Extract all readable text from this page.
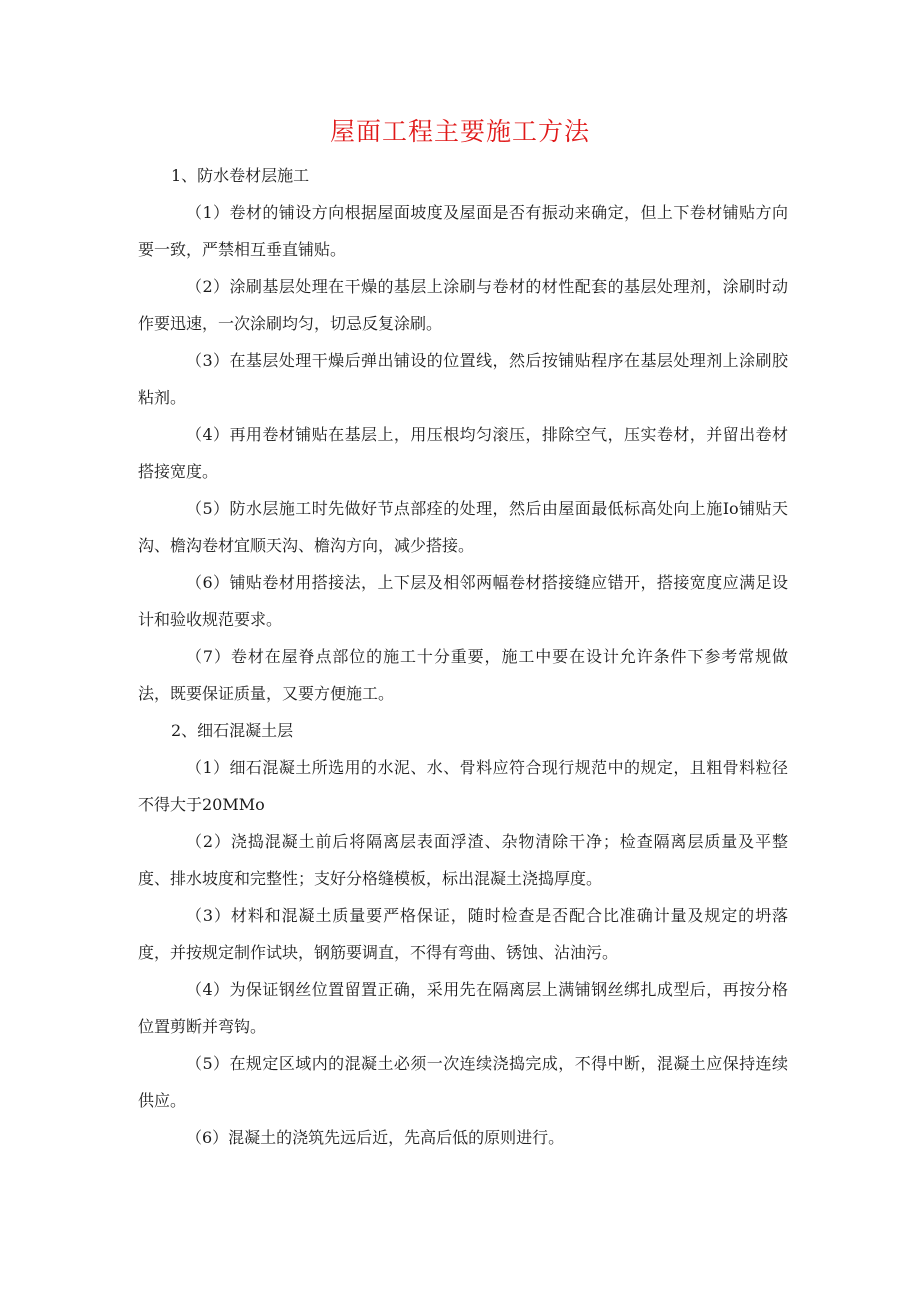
屋面工程主要施工方法

1、防水卷材层施工

（1）卷材的铺设方向根据屋面坡度及屋面是否有振动来确定，但上下卷材铺贴方向要一致，严禁相互垂直铺贴。

（2）涂刷基层处理在干燥的基层上涂刷与卷材的材性配套的基层处理剂，涂刷时动作要迅速，一次涂刷均匀，切忌反复涂刷。

（3）在基层处理干燥后弹出铺设的位置线，然后按铺贴程序在基层处理剂上涂刷胶粘剂。

（4）再用卷材铺贴在基层上，用压根均匀滚压，排除空气，压实卷材，并留出卷材搭接宽度。

（5）防水层施工时先做好节点部痊的处理，然后由屋面最低标高处向上施Io铺贴天沟、檐沟卷材宜顺天沟、檐沟方向，减少搭接。

（6）铺贴卷材用搭接法，上下层及相邻两幅卷材搭接缝应错开，搭接宽度应满足设计和验收规范要求。

（7）卷材在屋脊点部位的施工十分重要，施工中要在设计允许条件下参考常规做法，既要保证质量，又要方便施工。

2、细石混凝土层

（1）细石混凝土所选用的水泥、水、骨料应符合现行规范中的规定，且粗骨料粒径不得大于20MMo

（2）浇捣混凝土前后将隔离层表面浮渣、杂物清除干净；检查隔离层质量及平整度、排水坡度和完整性；支好分格缝模板，标出混凝土浇捣厚度。

（3）材料和混凝土质量要严格保证，随时检查是否配合比准确计量及规定的坍落度，并按规定制作试块，钢筋要调直，不得有弯曲、锈蚀、沾油污。

（4）为保证钢丝位置留置正确，采用先在隔离层上满铺钢丝绑扎成型后，再按分格位置剪断并弯钩。

（5）在规定区域内的混凝土必须一次连续浇捣完成，不得中断，混凝土应保持连续供应。

（6）混凝土的浇筑先远后近，先高后低的原则进行。
